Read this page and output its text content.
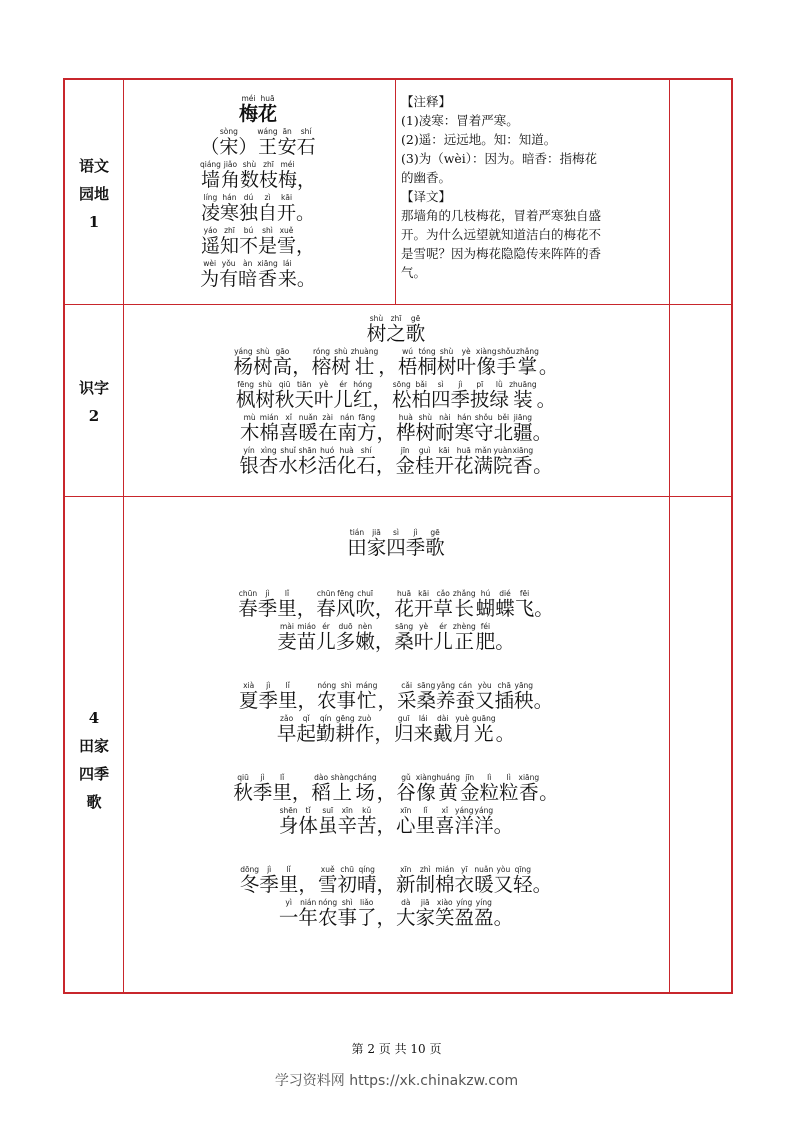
语文
园地
1
méi
梅
huā
花
（
sòng
宋 ）
wáng
王
ān
安
shí
石
qiáng
墙
jiǎo
角
shù
数
zhī
枝
méi
梅 ，
líng
凌
hán
寒
dú
独
zì
自
kāi
开 。
yáo
遥
zhī
知
bú
不
shì
是
xuě
雪 ，
wèi
为
yǒu
有
àn
暗
xiāng
香
lái
来 。
【注释】
(1)凌寒：冒着严寒。
(2)遥：远远地。知：知道。
(3)为（wèi）：因为。暗香：指梅花
的幽香。
【译文】
那墙角的几枝梅花，冒着严寒独自盛
开。为什么远望就知道洁白的梅花不
是雪呢？因为梅花隐隐传来阵阵的香
气。
识字
2
shù
树
zhī
之
gē
歌
yáng
杨
shù
树
gāo
高 ，
róng
榕
shù
树
zhuàng
壮 ，
wú
梧
tóng
桐
shù
树
yè
叶
xiàng
像
shǒu
手
zhǎng
掌 。
fēng
枫
shù
树
qiū
秋
tiān
天
yè
叶
ér
儿
hóng
红 ，
sōng
松
bǎi
柏
sì
四
jì
季
pī
披
lǜ
绿
zhuāng
装 。
mù
木
mián
棉
xǐ
喜
nuǎn
暖
zài
在
nán
南
fāng
方 ，
huà
桦
shù
树
nài
耐
hán
寒
shǒu
守
běi
北
jiāng
疆 。
yín
银
xìng
杏
shuǐ
水
shān
杉
huó
活
huà
化
shí
石 ，
jīn
金
guì
桂
kāi
开
huā
花
mǎn
满
yuàn
院
xiāng
香 。
4
田家
四季
歌
tián
田
jiā
家
sì
四
jì
季
gē
歌
chūn
春
jì
季
lǐ
里 ，
chūn
春
fēng
风
chuī
吹 ，
huā
花
kāi
开
cǎo
草
zhǎng
长
hú
蝴
dié
蝶
fēi
飞 。
mài
麦
miáo
苗
ér
儿
duō
多
nèn
嫩 ，
sāng
桑
yè
叶
ér
儿
zhèng
正
féi
肥 。
xià
夏
jì
季
lǐ
里 ，
nóng
农
shì
事
máng
忙 ，
cǎi
采
sāng
桑
yǎng
养
cán
蚕
yòu
又
chā
插
yāng
秧 。
zǎo
早
qǐ
起
qín
勤
gēng
耕
zuò
作 ，
guī
归
lái
来
dài
戴
yuè
月
guāng
光 。
qiū
秋
jì
季
lǐ
里 ，
dào
稻
shàng
上
cháng
场 ，
gǔ
谷
xiàng
像
huáng
黄
jīn
金
lì
粒
lì
粒
xiāng
香 。
shēn
身
tǐ
体
suī
虽
xīn
辛
kǔ
苦 ，
xīn
心
lǐ
里
xǐ
喜
yáng
洋
yáng
洋 。
dōng
冬
jì
季
lǐ
里 ，
xuě
雪
chū
初
qíng
晴 ，
xīn
新
zhì
制
mián
棉
yī
衣
nuǎn
暖
yòu
又
qīng
轻 。
yì
一
nián
年
nóng
农
shì
事
liǎo
了 ，
dà
大
jiā
家
xiào
笑
yíng
盈
yíng
盈 。
第 2 页 共 10 页
学习资料网 https://xk.chinakzw.com
